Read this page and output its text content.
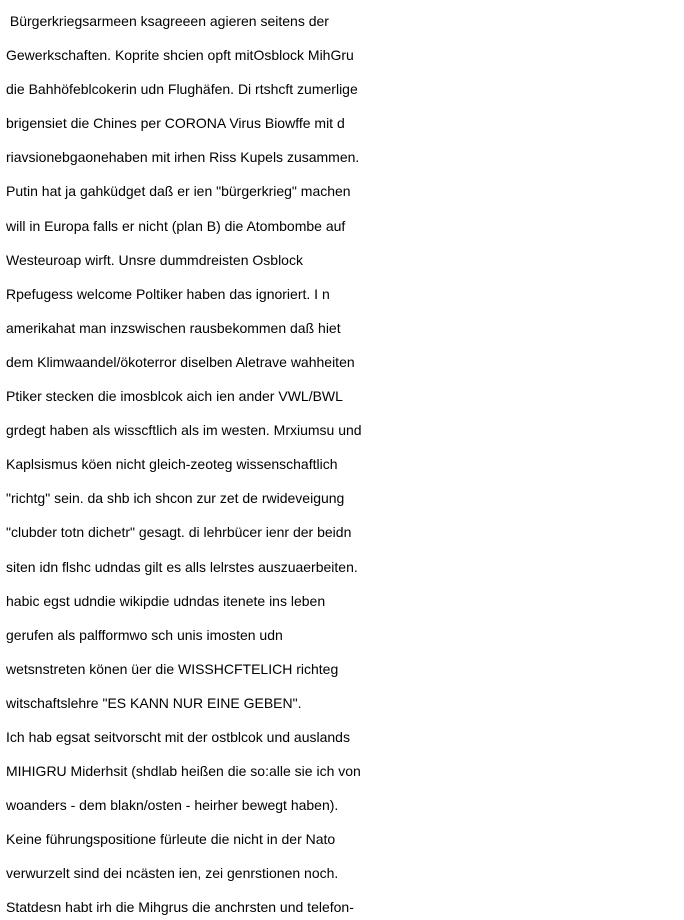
Bürgerkriegsarmeen ksagreeen agieren seitens der
Gewerkschaften. Koprite shcien opft mitOsblock MihGru
die Bahhöfeblcokerin udn Flughäfen. Di rtshcft zumerlige
brigensiet die Chines per CORONA Virus Biowffe mit d
riavsionebgaonehaben mit irhen Riss Kupels zusammen.
Putin hat ja gahküdget daß er ien "bürgerkrieg" machen
will in Europa falls er nicht (plan B) die Atombombe auf
Westeuroap wirft. Unsre dummdreisten Osblock
Rpefugess welcome Poltiker haben das ignoriert. I n
amerikahat man inzswischen rausbekommen daß hiet
dem Klimwaandel/ökoterror diselben Aletrave wahheiten
Ptiker stecken die imosblcok aich ien ander VWL/BWL
grdegt haben als wisscftlich als im westen. Mrxiumsu und
Kaplsismus köen nicht gleich-zeoteg wissenschaftlich
"richtg" sein. da shb ich shcon zur zet de rwideveigung
"clubder totn dichetr" gesagt. di lehrbücer ienr der beidn
siten idn flshc udndas gilt es alls lelrstes auszuaerbeiten.
habic egst udndie wikipdie udndas itenete ins leben
gerufen als palfformwo sch unis imosten udn
wetsnstreten könen üer die WISSHCFTELICH richteg
witschaftslehre "ES KANN NUR EINE GEBEN".
Ich hab egsat seitvorscht mit der ostblcok und auslands
MIHIGRU Miderhsit (shdlab heißen die so:alle sie ich von
woanders - dem blakn/osten - heirher bewegt haben).
Keine führungspositione fürleute die nicht in der Nato
verwurzelt sind dei ncästen ien, zei genrstionen noch.
Statdesn habt irh die Mihgrus die anchrsten und telefon-
